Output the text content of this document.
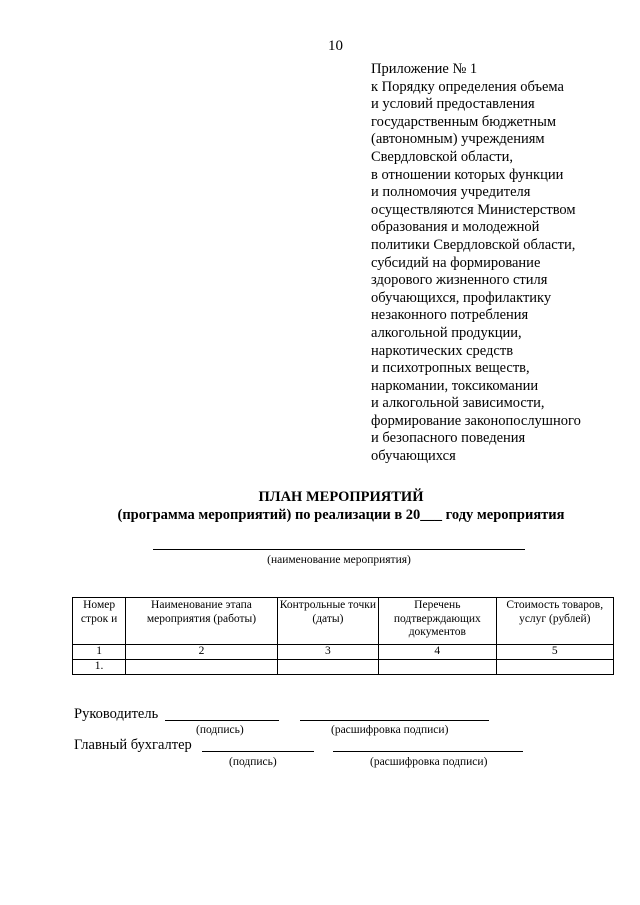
10
Приложение № 1
к Порядку определения объема
и условий предоставления
государственным бюджетным
(автономным) учреждениям
Свердловской области,
в отношении которых функции
и полномочия учредителя
осуществляются Министерством
образования и молодежной
политики Свердловской области,
субсидий на формирование
здорового жизненного стиля
обучающихся, профилактику
незаконного потребления
алкогольной продукции,
наркотических средств
и психотропных веществ,
наркомании, токсикомании
и алкогольной зависимости,
формирование законопослушного
и безопасного поведения
обучающихся
ПЛАН МЕРОПРИЯТИЙ
(программа мероприятий) по реализации в 20___ году мероприятия
(наименование мероприятия)
Номер строк и	Наименование этапа мероприятия (работы)	Контрольные точки (даты)	Перечень подтверждающих документов	Стоимость товаров, услуг (рублей)
1	2	3	4	5
1.				
Руководитель
(подпись)	(расшифровка подписи)
Главный бухгалтер
(подпись)	(расшифровка подписи)
